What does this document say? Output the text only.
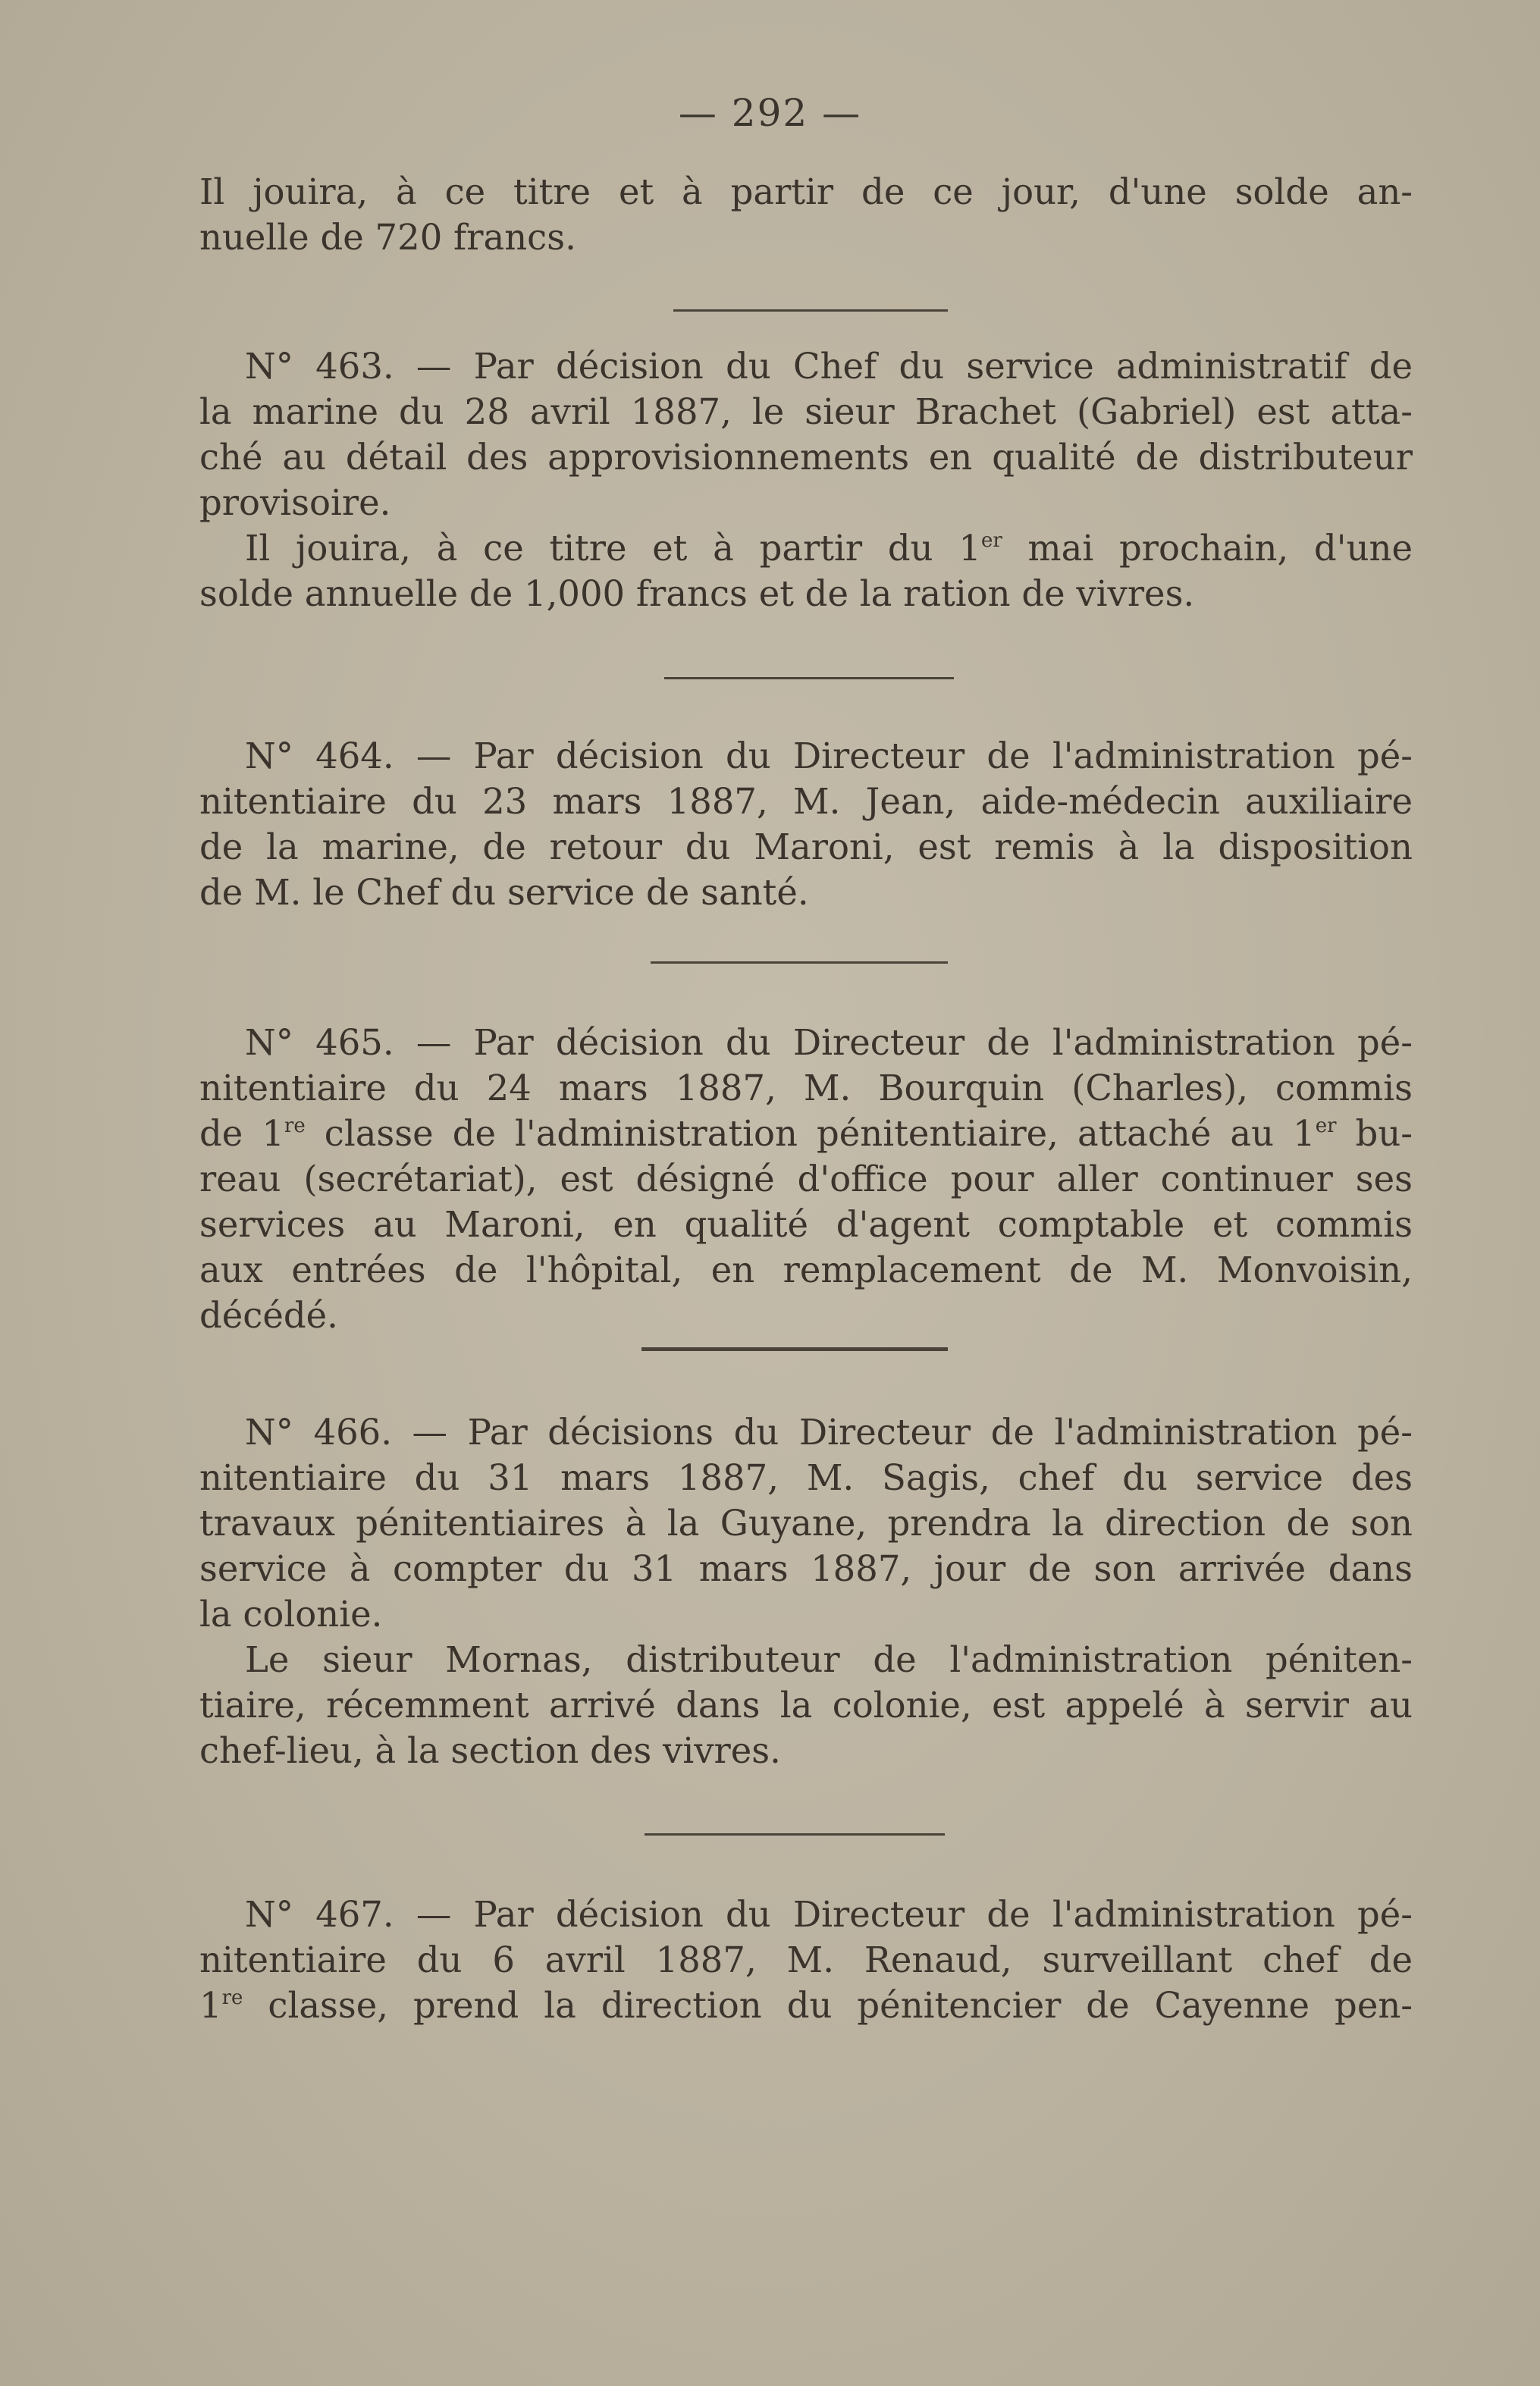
— 292 —
Il jouira, à ce titre et à partir de ce jour, d'une solde an-
nuelle de 720 francs.
N° 463. — Par décision du Chef du service administratif de
la marine du 28 avril 1887, le sieur Brachet (Gabriel) est atta-
ché au détail des approvisionnements en qualité de distributeur
provisoire.
Il jouira, à ce titre et à partir du 1er mai prochain, d'une
solde annuelle de 1,000 francs et de la ration de vivres.
N° 464. — Par décision du Directeur de l'administration pé-
nitentiaire du 23 mars 1887, M. Jean, aide-médecin auxiliaire
de la marine, de retour du Maroni, est remis à la disposition
de M. le Chef du service de santé.
N° 465. — Par décision du Directeur de l'administration pé-
nitentiaire du 24 mars 1887, M. Bourquin (Charles), commis
de 1re classe de l'administration pénitentiaire, attaché au 1er bu-
reau (secrétariat), est désigné d'office pour aller continuer ses
services au Maroni, en qualité d'agent comptable et commis
aux entrées de l'hôpital, en remplacement de M. Monvoisin,
décédé.
N° 466. — Par décisions du Directeur de l'administration pé-
nitentiaire du 31 mars 1887, M. Sagis, chef du service des
travaux pénitentiaires à la Guyane, prendra la direction de son
service à compter du 31 mars 1887, jour de son arrivée dans
la colonie.
Le sieur Mornas, distributeur de l'administration péniten-
tiaire, récemment arrivé dans la colonie, est appelé à servir au
chef-lieu, à la section des vivres.
N° 467. — Par décision du Directeur de l'administration pé-
nitentiaire du 6 avril 1887, M. Renaud, surveillant chef de
1re classe, prend la direction du pénitencier de Cayenne pen-
